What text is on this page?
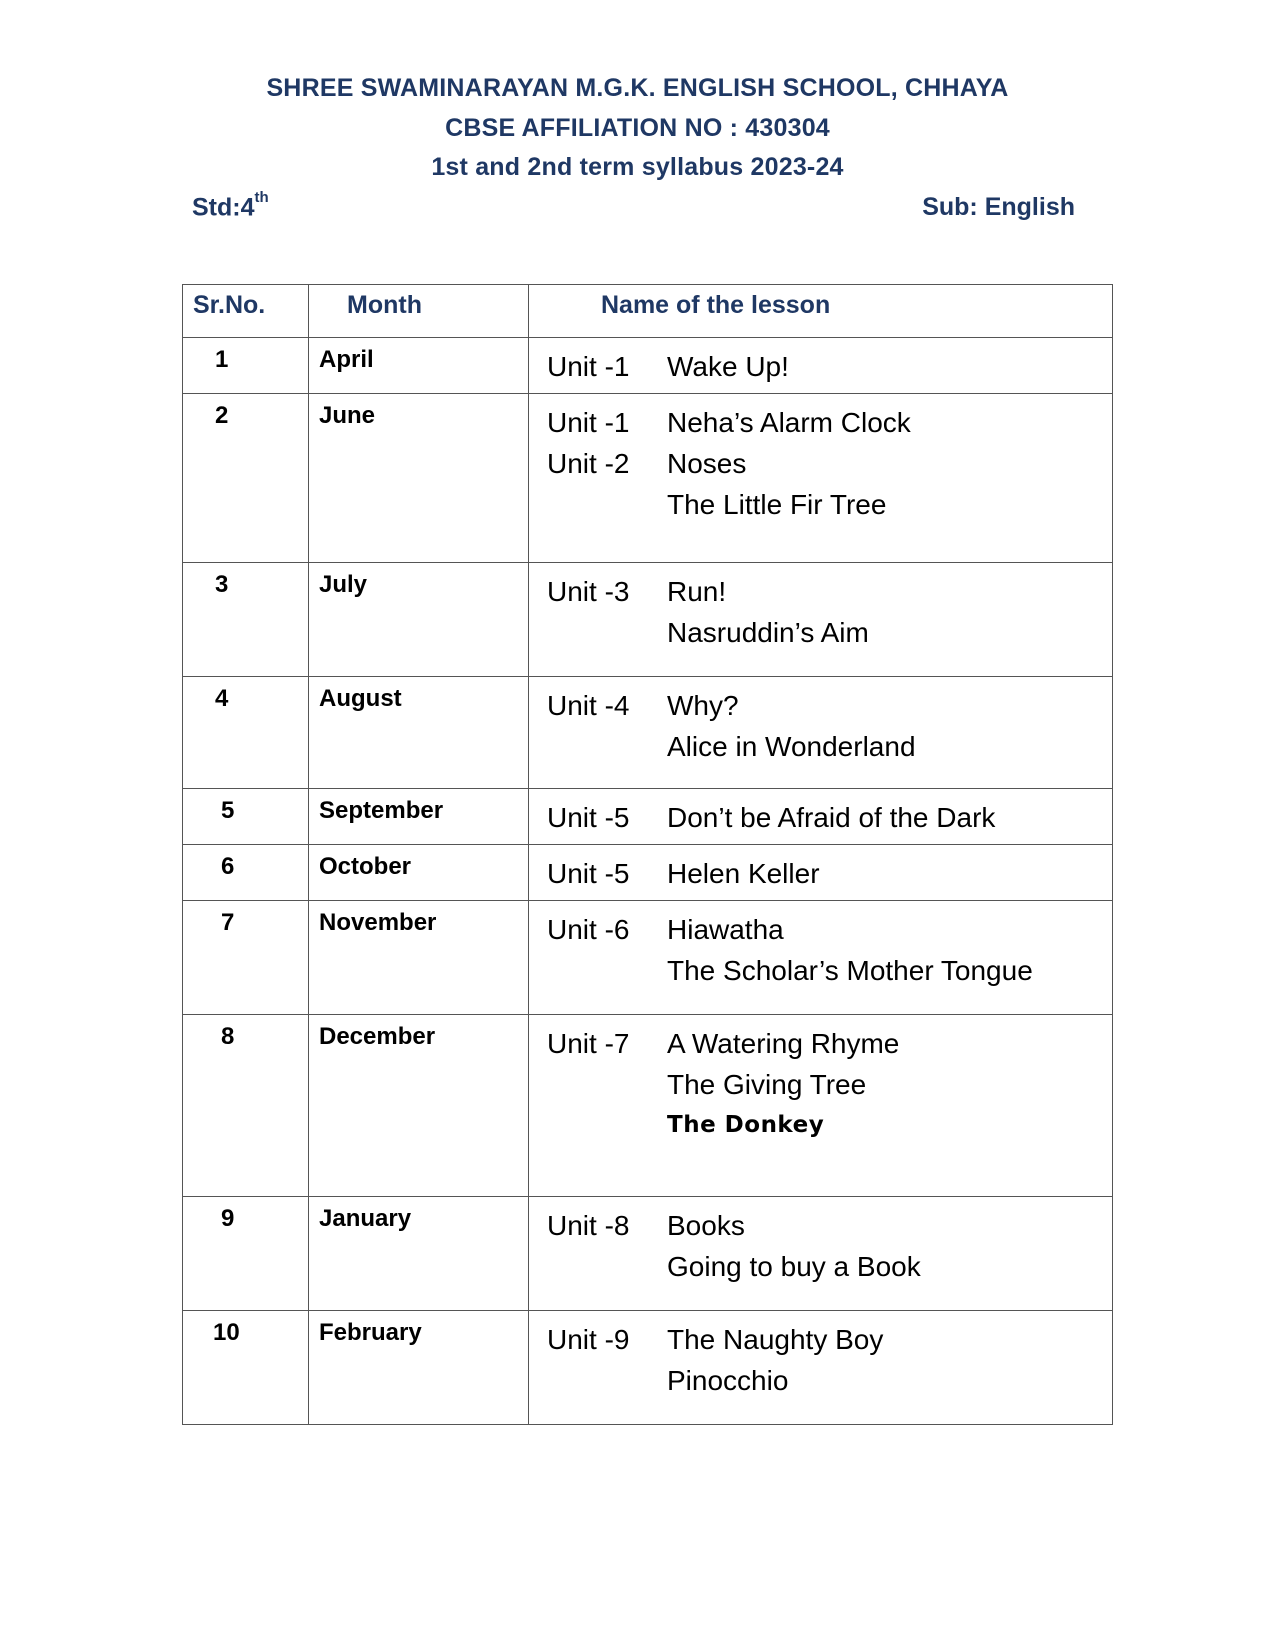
SHREE SWAMINARAYAN M.G.K. ENGLISH SCHOOL, CHHAYA
CBSE AFFILIATION NO : 430304
1st and 2nd term syllabus 2023-24
Std:4th	Sub: English
Sr.No.	Month	Name of the lesson

1	April	Unit -1 Wake Up!

2	June	Unit -1 Neha’s Alarm Clock
Unit -2 Noses
The Little Fir Tree

3	July	Unit -3 Run!
Nasruddin’s Aim

4	August	Unit -4 Why?
Alice in Wonderland

5	September	Unit -5 Don’t be Afraid of the Dark

6	October	Unit -5 Helen Keller

7	November	Unit -6 Hiawatha
The Scholar’s Mother Tongue

8	December	Unit -7 A Watering Rhyme
The Giving Tree
The Donkey

9	January	Unit -8 Books
Going to buy a Book

10	February	Unit -9 The Naughty Boy
Pinocchio
